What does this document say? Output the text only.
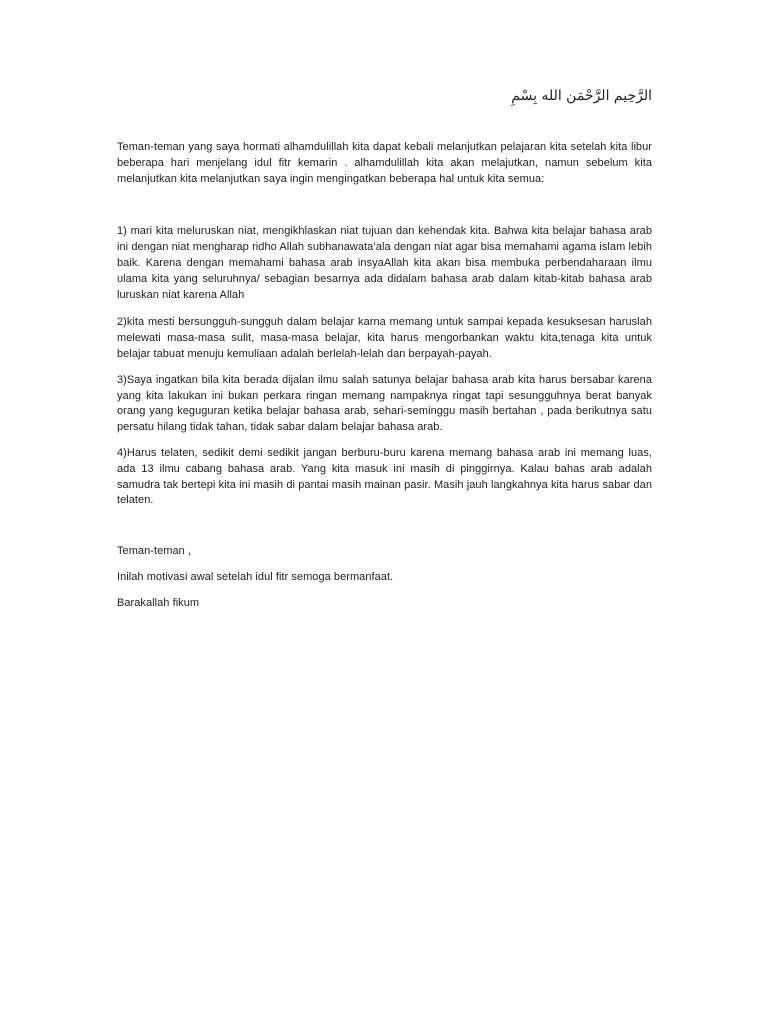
الرَّحِيم الرَّحْمَن الله بِسْمِ
Teman-teman yang saya hormati alhamdulillah kita dapat kebali melanjutkan pelajaran kita setelah kita libur beberapa hari menjelang idul fitr kemarin . alhamdulillah kita akan melajutkan, namun sebelum kita melanjutkan kita melanjutkan saya ingin mengingatkan beberapa hal untuk kita semua:
1) mari kita meluruskan niat, mengikhlaskan niat tujuan dan kehendak kita. Bahwa kita belajar bahasa arab ini dengan niat mengharap ridho Allah subhanawata’ala dengan niat agar bisa memahami agama islam lebih baik. Karena dengan memahami bahasa arab insyaAllah kita akan bisa membuka perbendaharaan ilmu ulama kita yang seluruhnya/ sebagian besarnya ada didalam bahasa arab dalam kitab-kitab bahasa arab luruskan niat karena Allah
2)kita mesti bersungguh-sungguh dalam belajar karna memang untuk sampai kepada kesuksesan haruslah melewati masa-masa sulit, masa-masa belajar, kita harus mengorbankan waktu kita,tenaga kita untuk belajar tabuat menuju kemuliaan adalah berlelah-lelah dan berpayah-payah.
3)Saya ingatkan bila kita berada dijalan ilmu salah satunya belajar bahasa arab kita harus bersabar karena yang kita lakukan ini bukan perkara ringan memang nampaknya ringat tapi sesungguhnya berat banyak orang yang keguguran ketika belajar bahasa arab, sehari-seminggu masih bertahan , pada berikutnya satu persatu hilang tidak tahan, tidak sabar dalam belajar bahasa arab.
4)Harus telaten, sedikit demi sedikit jangan berburu-buru karena memang bahasa arab ini memang luas, ada 13 ilmu cabang bahasa arab. Yang kita masuk ini masih di pinggirnya. Kalau bahas arab adalah samudra tak bertepi kita ini masih di pantai masih mainan pasir. Masih jauh langkahnya kita harus sabar dan telaten.
Teman-teman ,
Inilah motivasi awal setelah idul fitr semoga bermanfaat.
Barakallah fikum
